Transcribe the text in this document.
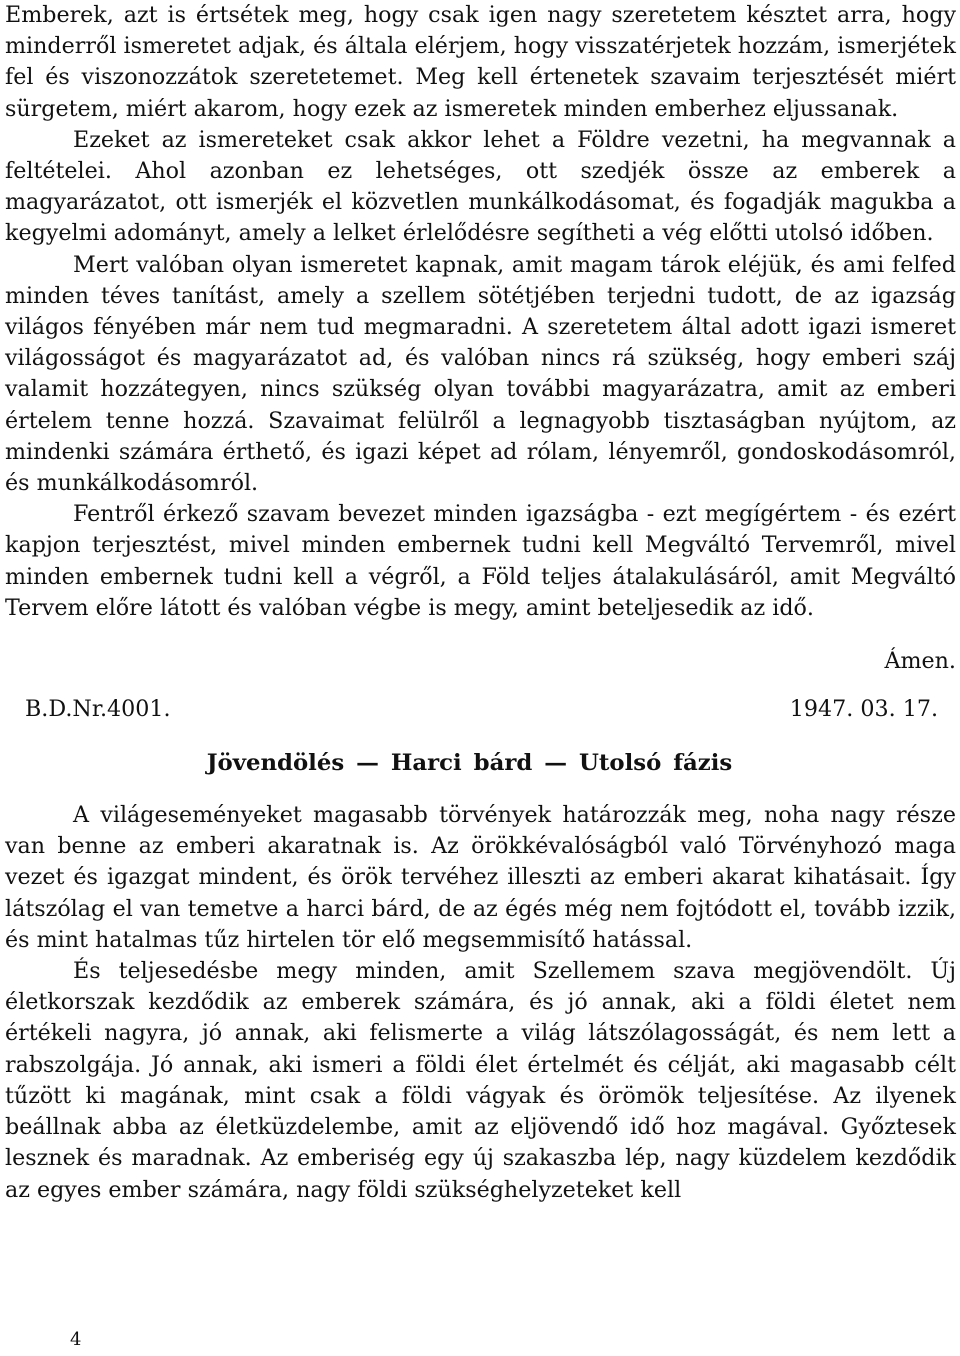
Emberek, azt is értsétek meg, hogy csak igen nagy szeretetem késztet arra, hogy minderről ismeretet adjak, és általa elérjem, hogy visszatérjetek hozzám, ismerjétek fel és viszonozzátok szeretetemet. Meg kell értenetek szavaim terjesztését miért sürgetem, miért akarom, hogy ezek az ismeretek minden emberhez eljussanak.

Ezeket az ismereteket csak akkor lehet a Földre vezetni, ha megvannak a feltételei. Ahol azonban ez lehetséges, ott szedjék össze az emberek a magyarázatot, ott ismerjék el közvetlen munkálkodásomat, és fogadják magukba a kegyelmi adományt, amely a lelket érlelődésre segítheti a vég előtti utolsó időben.

Mert valóban olyan ismeretet kapnak, amit magam tárok eléjük, és ami felfed minden téves tanítást, amely a szellem sötétjében terjedni tudott, de az igazság világos fényében már nem tud megmaradni. A szeretetem által adott igazi ismeret világosságot és magyarázatot ad, és valóban nincs rá szükség, hogy emberi száj valamit hozzátegyen, nincs szükség olyan további magyarázatra, amit az emberi értelem tenne hozzá. Szavaimat felülről a legnagyobb tisztaságban nyújtom, az mindenki számára érthető, és igazi képet ad rólam, lényemről, gondoskodásomról, és munkálkodásomról.

Fentről érkező szavam bevezet minden igazságba - ezt megígértem - és ezért kapjon terjesztést, mivel minden embernek tudni kell Megváltó Tervemről, mivel minden embernek tudni kell a végről, a Föld teljes átalakulásáról, amit Megváltó Tervem előre látott és valóban végbe is megy, amint beteljesedik az idő.

Ámen.
B.D.Nr.4001.	1947. 03. 17.
Jövendölés — Harci bárd — Utolsó fázis

A világeseményeket magasabb törvények határozzák meg, noha nagy része van benne az emberi akaratnak is. Az örökkévalóságból való Törvényhozó maga vezet és igazgat mindent, és örök tervéhez illeszti az emberi akarat kihatásait. Így látszólag el van temetve a harci bárd, de az égés még nem fojtódott el, tovább izzik, és mint hatalmas tűz hirtelen tör elő megsemmisítő hatással.

És teljesedésbe megy minden, amit Szellemem szava megjövendölt. Új életkorszak kezdődik az emberek számára, és jó annak, aki a földi életet nem értékeli nagyra, jó annak, aki felismerte a világ látszólagosságát, és nem lett a rabszolgája. Jó annak, aki ismeri a földi élet értelmét és célját, aki magasabb célt tűzött ki magának, mint csak a földi vágyak és örömök teljesítése. Az ilyenek beállnak abba az életküzdelembe, amit az eljövendő idő hoz magával. Győztesek lesznek és maradnak. Az emberiség egy új szakaszba lép, nagy küzdelem kezdődik az egyes ember számára, nagy földi szükséghelyzeteket kell

4
